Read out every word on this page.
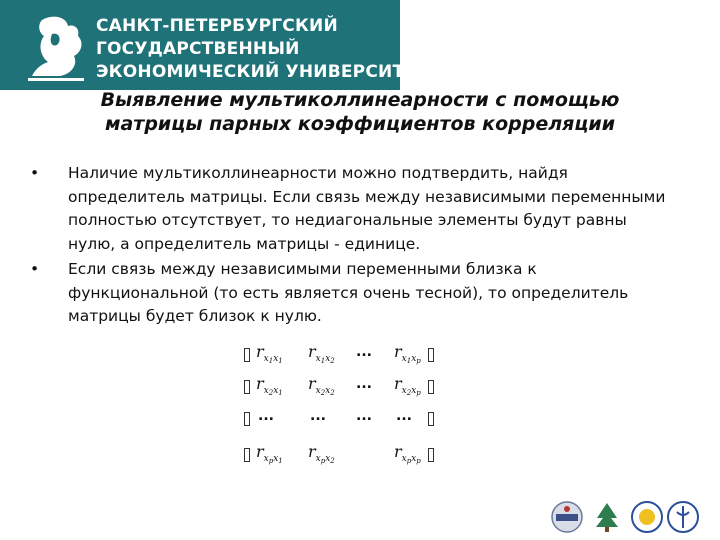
САНКТ-ПЕТЕРБУРГСКИЙ
ГОСУДАРСТВЕННЫЙ
ЭКОНОМИЧЕСКИЙ УНИВЕРСИТЕТ
Выявление мультиколлинеарности с помощью
матрицы парных коэффициентов корреляции
• Наличие мультиколлинеарности можно подтвердить, найдя определитель матрицы. Если связь между независимыми переменными полностью отсутствует, то недиагональные элементы будут равны нулю, а определитель матрицы - единице.
• Если связь между независимыми переменными близка к функциональной (то есть является очень тесной), то определитель матрицы будет близок к нулю.
$r_{x_1x_1}$ $r_{x_1x_2}$
... $r_{x_1x_p}$
$r_{x_2x_1}$ $r_{x_2x_2}$
... $r_{x_2x_p}$
...	... ... ...
$r_{x_px_1}$ $r_{x_px_2}$	$r_{x_px_p}$
